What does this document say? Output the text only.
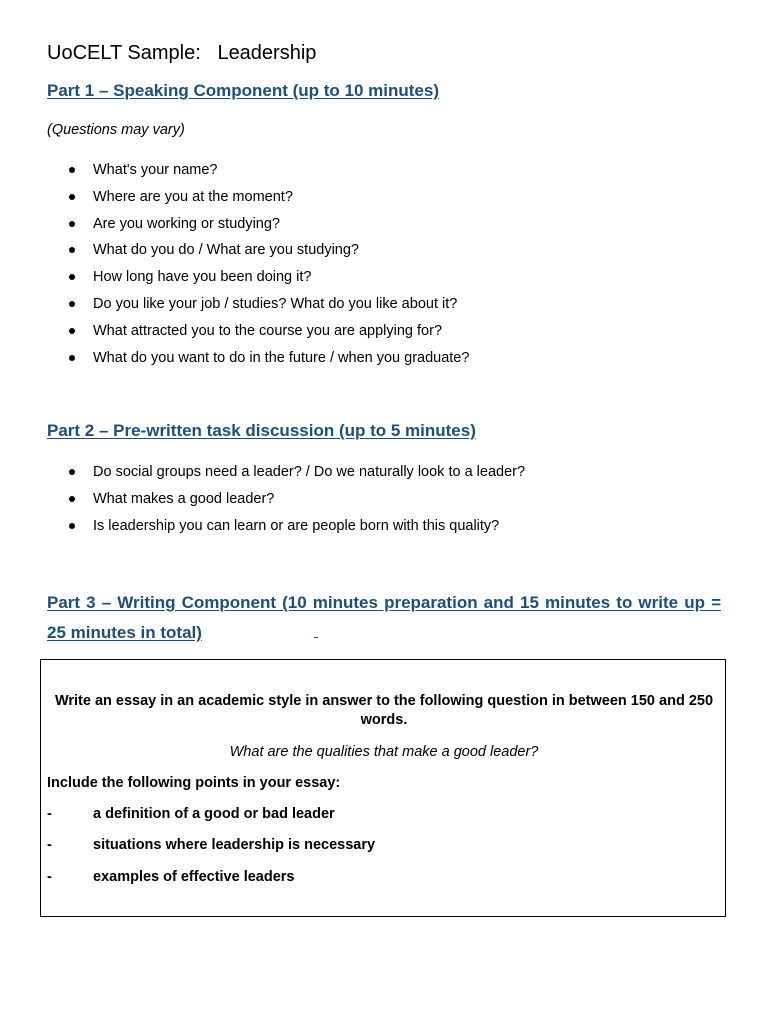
UoCELT Sample:   Leadership
Part 1 – Speaking Component (up to 10 minutes)

(Questions may vary)

What's your name?
Where are you at the moment?
Are you working or studying?
What do you do / What are you studying?
How long have you been doing it?
Do you like your job / studies? What do you like about it?
What attracted you to the course you are applying for?
What do you want to do in the future / when you graduate?
Part 2 – Pre-written task discussion (up to 5 minutes)
Do social groups need a leader? / Do we naturally look to a leader?
What makes a good leader?
Is leadership you can learn or are people born with this quality?
Part 3 – Writing Component (10 minutes preparation and 15 minutes to write up = 25 minutes in total)

Write an essay in an academic style in answer to the following question in between 150 and 250 words.

What are the qualities that make a good leader?

Include the following points in your essay:

-	a definition of a good or bad leader
-	situations where leadership is necessary
-	examples of effective leaders
